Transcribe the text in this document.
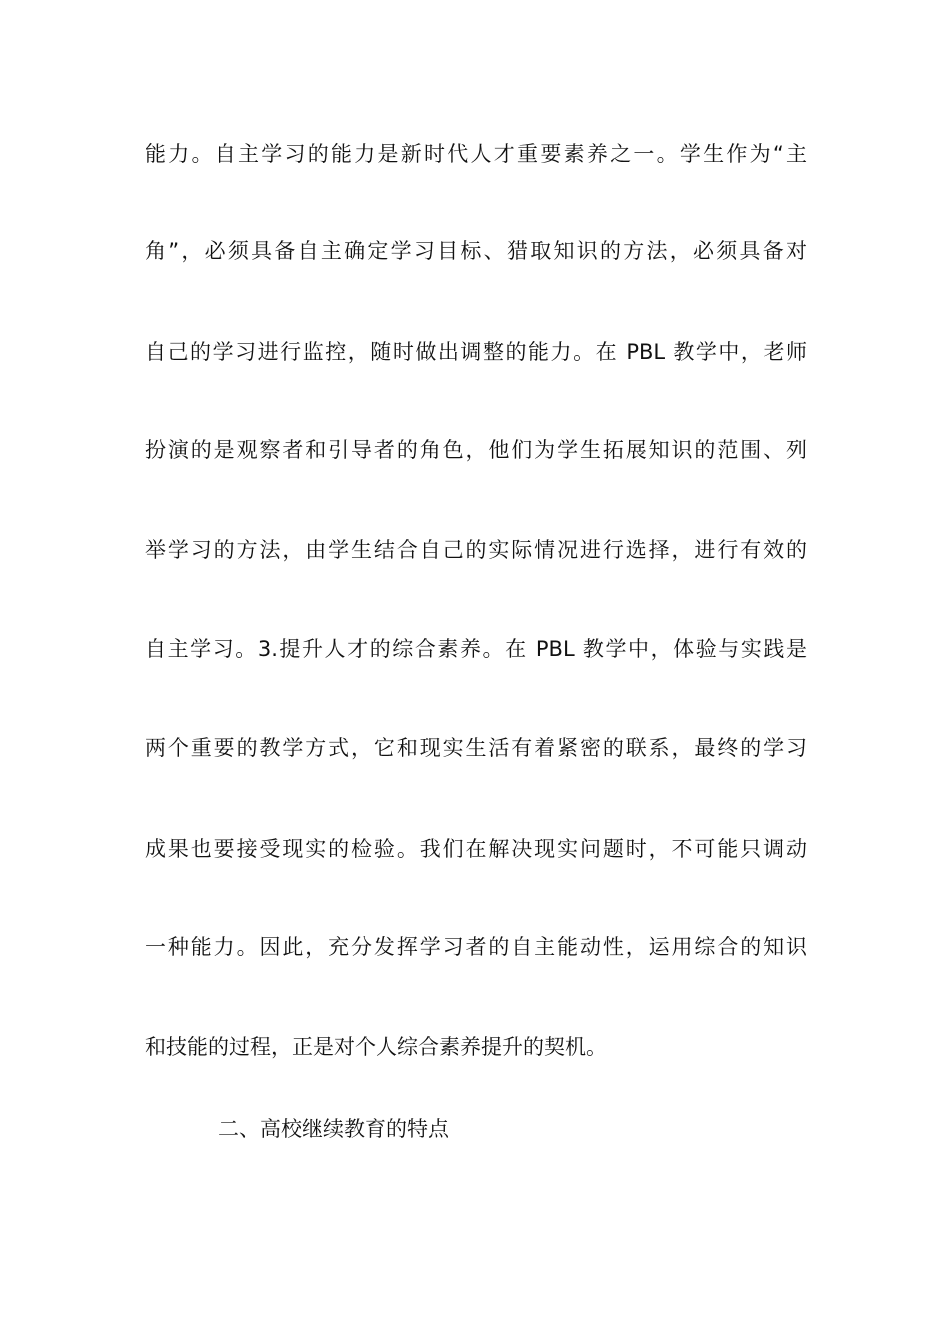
能力。自主学习的能力是新时代人才重要素养之一。学生作为“主
角”，必须具备自主确定学习目标、猎取知识的方法，必须具备对
自己的学习进行监控，随时做出调整的能力。在 PBL 教学中，老师
扮演的是观察者和引导者的角色，他们为学生拓展知识的范围、列
举学习的方法，由学生结合自己的实际情况进行选择，进行有效的
自主学习。3.提升人才的综合素养。在 PBL 教学中，体验与实践是
两个重要的教学方式，它和现实生活有着紧密的联系，最终的学习
成果也要接受现实的检验。我们在解决现实问题时，不可能只调动
一种能力。因此，充分发挥学习者的自主能动性，运用综合的知识
和技能的过程，正是对个人综合素养提升的契机。
二、高校继续教育的特点
